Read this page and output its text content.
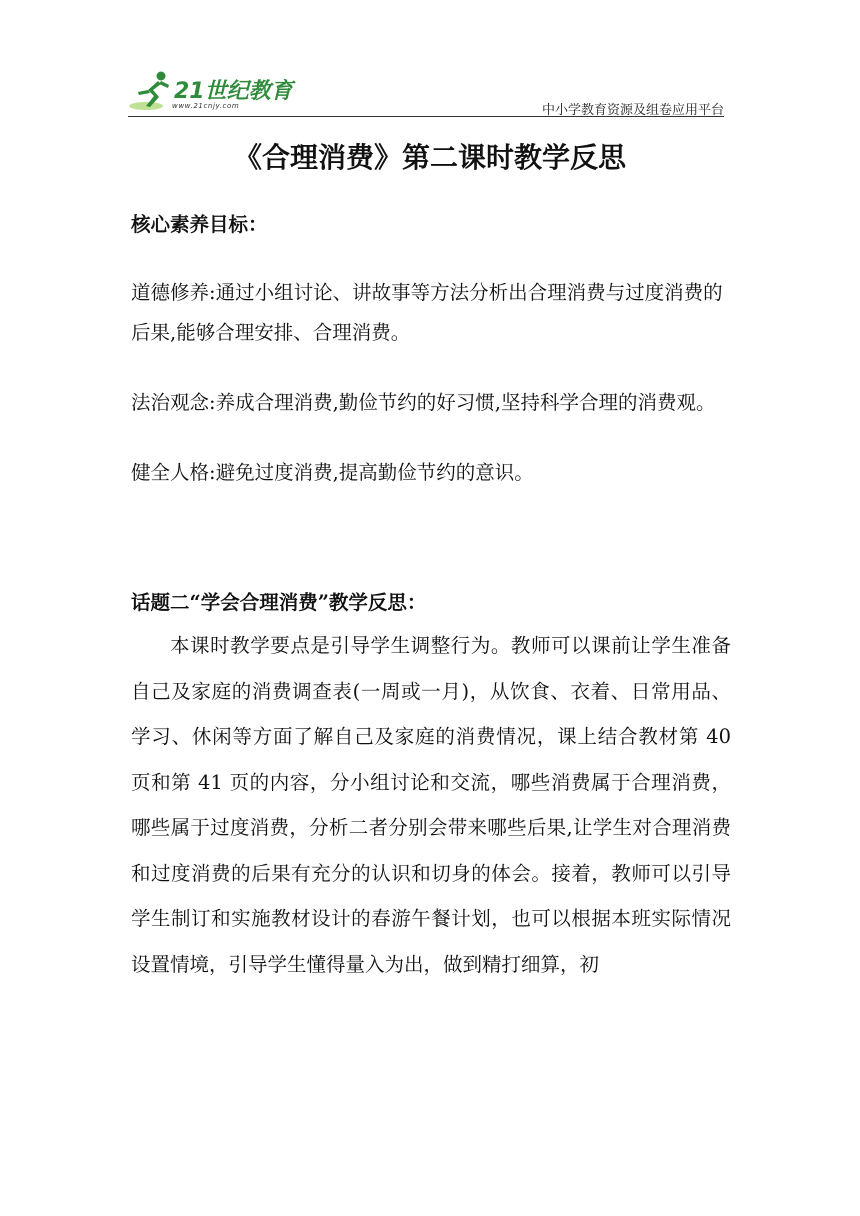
21世纪教育
www.21cnjy.com	中小学教育资源及组卷应用平台
《合理消费》第二课时教学反思

核心素养目标：

道德修养:通过小组讨论、讲故事等方法分析出合理消费与过度消费的后果,能够合理安排、合理消费。

法治观念:养成合理消费,勤俭节约的好习惯,坚持科学合理的消费观。

健全人格:避免过度消费,提高勤俭节约的意识。

话题二“学会合理消费”教学反思：

本课时教学要点是引导学生调整行为。教师可以课前让学生准备自己及家庭的消费调查表(一周或一月)，从饮食、衣着、日常用品、学习、休闲等方面了解自己及家庭的消费情况，课上结合教材第 40 页和第 41 页的内容，分小组讨论和交流，哪些消费属于合理消费，哪些属于过度消费，分析二者分别会带来哪些后果,让学生对合理消费和过度消费的后果有充分的认识和切身的体会。接着，教师可以引导学生制订和实施教材设计的春游午餐计划，也可以根据本班实际情况设置情境，引导学生懂得量入为出，做到精打细算，初
